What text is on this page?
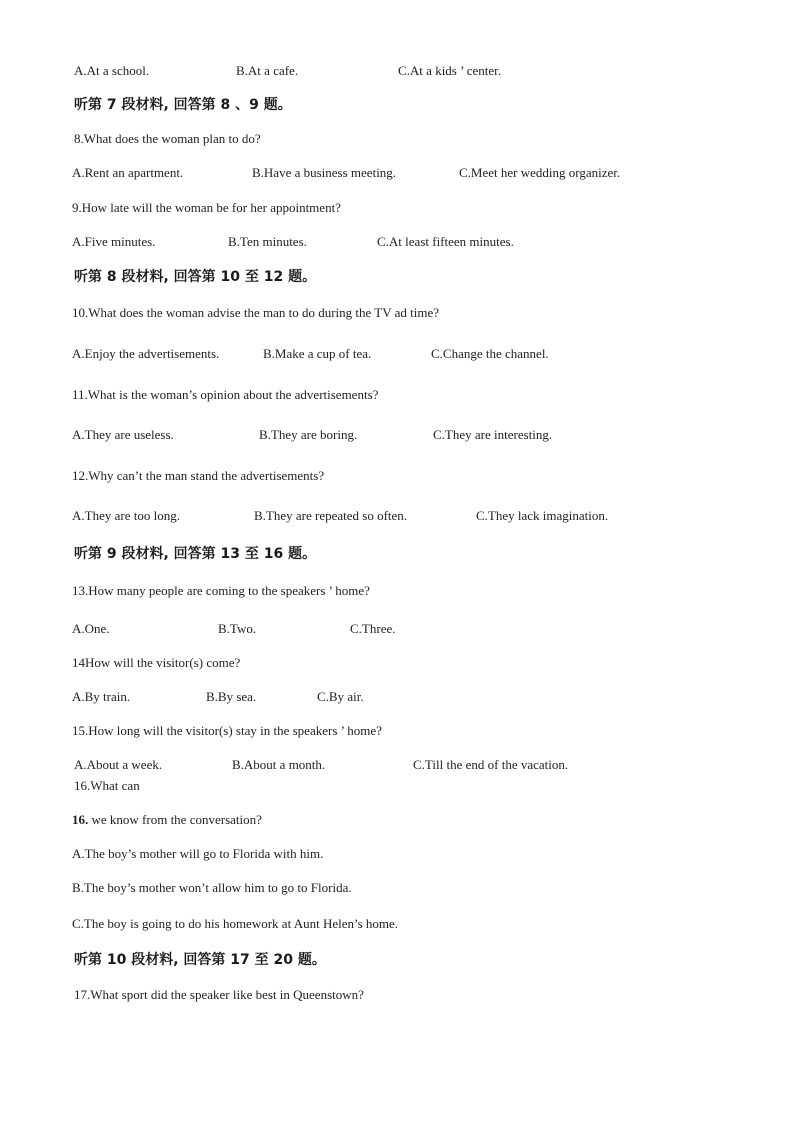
A.At a school.	B.At a cafe.	C.At a kids ’ center.
听第 7 段材料, 回答第 8 、9 题。
8.What does the woman plan to do?
A.Rent an apartment.	B.Have a business meeting.	C.Meet her wedding organizer.
9.How late will the woman be for her appointment?
A.Five minutes.	B.Ten minutes.	C.At least fifteen minutes.
听第 8 段材料, 回答第 10 至 12 题。
10.What does the woman advise the man to do during the TV ad time?
A.Enjoy the advertisements.	B.Make a cup of tea.	C.Change the channel.
11.What is the woman’s opinion about the advertisements?
A.They are useless.	B.They are boring.	C.They are interesting.
12.Why can’t the man stand the advertisements?
A.They are too long.	B.They are repeated so often.	C.They lack imagination.
听第 9 段材料, 回答第 13 至 16 题。
13.How many people are coming to the speakers ’ home?
A.One.	B.Two.	C.Three.
14How will the visitor(s) come?
A.By train.	B.By sea.	C.By air.
15.How long will the visitor(s) stay in the speakers ’ home?
A.About a week.	B.About a month.	C.Till the end of the vacation.
16.What can
16. we know from the conversation?
A.The boy’s mother will go to Florida with him.
B.The boy’s mother won’t allow him to go to Florida.
C.The boy is going to do his homework at Aunt Helen’s home.
听第 10 段材料, 回答第 17 至 20 题。
17.What sport did the speaker like best in Queenstown?
